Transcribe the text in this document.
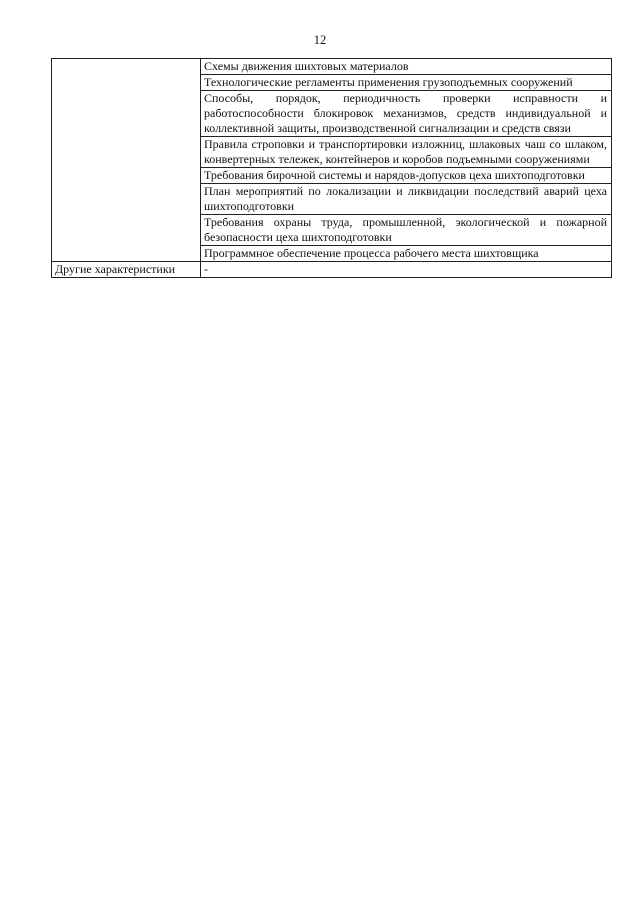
12
	Схемы движения шихтовых материалов
	Технологические регламенты применения грузоподъемных сооружений
	Способы, порядок, периодичность проверки исправности и работоспособности блокировок механизмов, средств индивидуальной и коллективной защиты, производственной сигнализации и средств связи
	Правила строповки и транспортировки изложниц, шлаковых чаш со шлаком, конвертерных тележек, контейнеров и коробов подъемными сооружениями
	Требования бирочной системы и нарядов-допусков цеха шихтоподготовки
	План мероприятий по локализации и ликвидации последствий аварий цеха шихтоподготовки
	Требования охраны труда, промышленной, экологической и пожарной безопасности цеха шихтоподготовки
	Программное обеспечение процесса рабочего места шихтовщика
Другие характеристики	-
